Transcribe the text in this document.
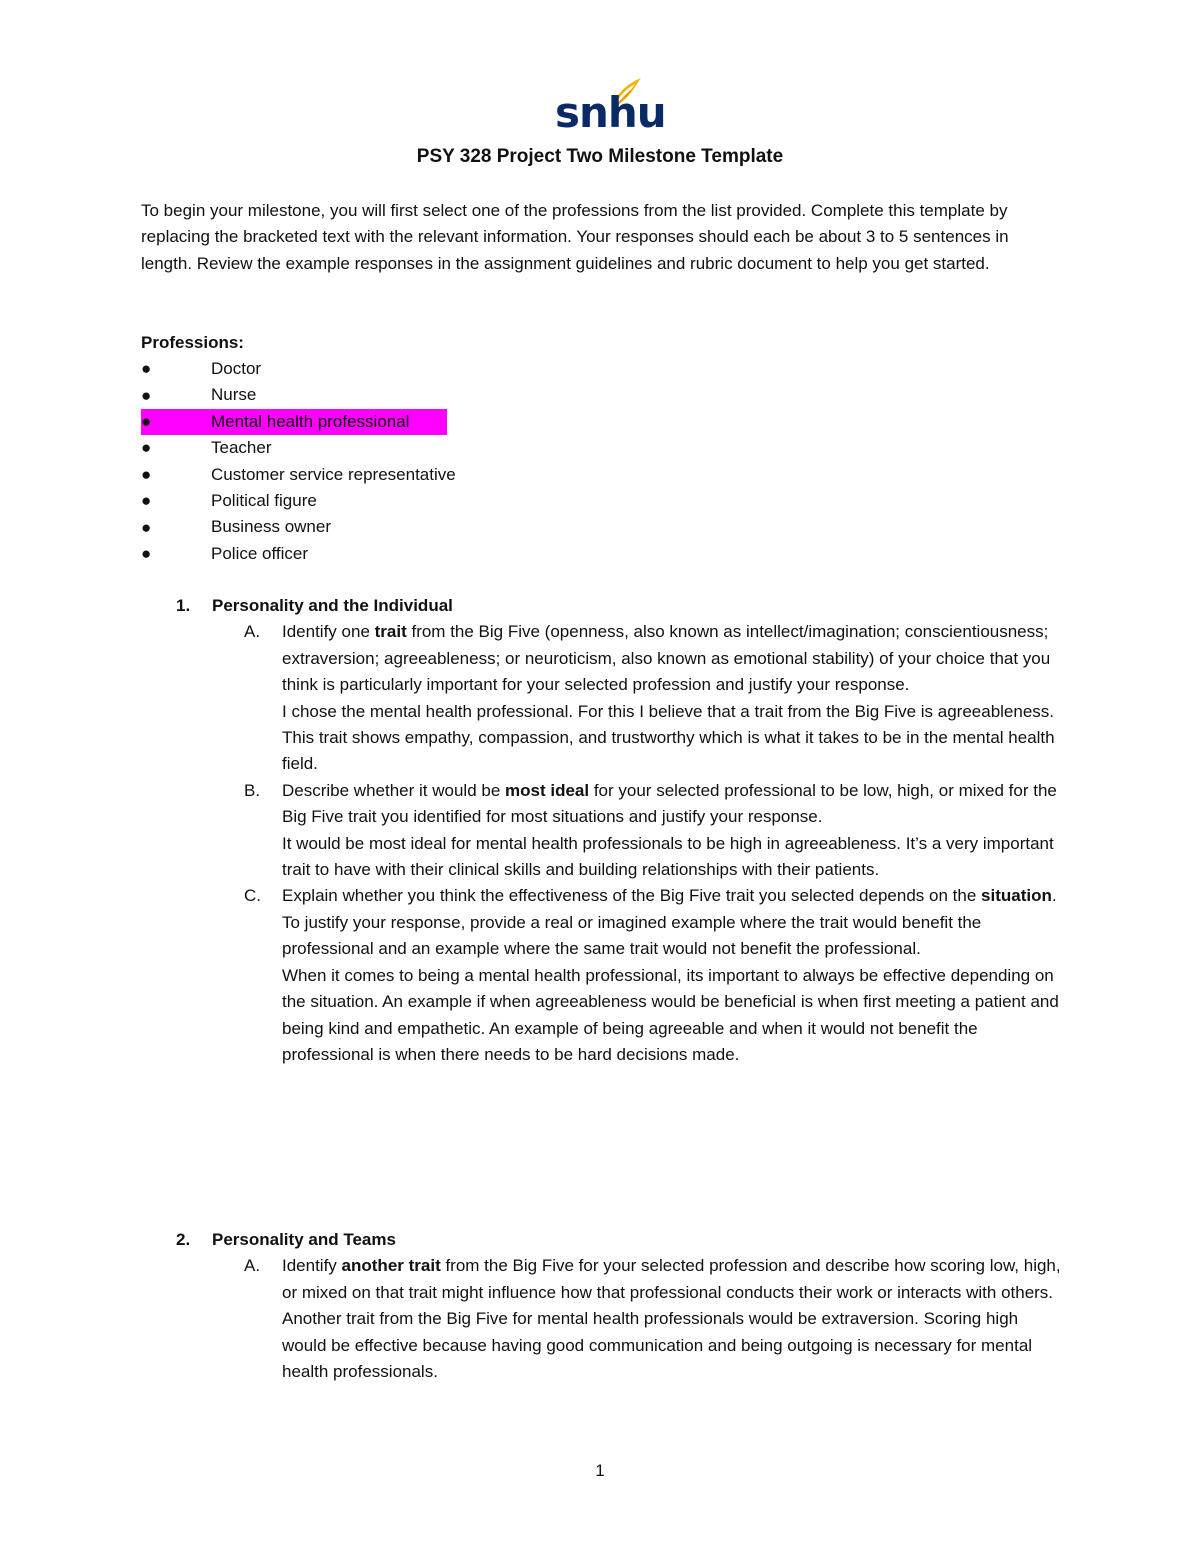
snhu
PSY 328 Project Two Milestone Template
To begin your milestone, you will first select one of the professions from the list provided. Complete this template by replacing the bracketed text with the relevant information. Your responses should each be about 3 to 5 sentences in length. Review the example responses in the assignment guidelines and rubric document to help you get started.
Professions:
●	Doctor
●	Nurse
●	Mental health professional
●	Teacher
●	Customer service representative
●	Political figure
●	Business owner
●	Police officer
1.	Personality and the Individual
A.	Identify one trait from the Big Five (openness, also known as intellect/imagination; conscientiousness; extraversion; agreeableness; or neuroticism, also known as emotional stability) of your choice that you think is particularly important for your selected profession and justify your response.
I chose the mental health professional. For this I believe that a trait from the Big Five is agreeableness. This trait shows empathy, compassion, and trustworthy which is what it takes to be in the mental health field.
B.	Describe whether it would be most ideal for your selected professional to be low, high, or mixed for the Big Five trait you identified for most situations and justify your response.
It would be most ideal for mental health professionals to be high in agreeableness. It’s a very important trait to have with their clinical skills and building relationships with their patients.
C.	Explain whether you think the effectiveness of the Big Five trait you selected depends on the situation. To justify your response, provide a real or imagined example where the trait would benefit the professional and an example where the same trait would not benefit the professional.
When it comes to being a mental health professional, its important to always be effective depending on the situation. An example if when agreeableness would be beneficial is when first meeting a patient and being kind and empathetic. An example of being agreeable and when it would not benefit the professional is when there needs to be hard decisions made.
2.	Personality and Teams
A.	Identify another trait from the Big Five for your selected profession and describe how scoring low, high, or mixed on that trait might influence how that professional conducts their work or interacts with others.
Another trait from the Big Five for mental health professionals would be extraversion. Scoring high would be effective because having good communication and being outgoing is necessary for mental health professionals.
1
